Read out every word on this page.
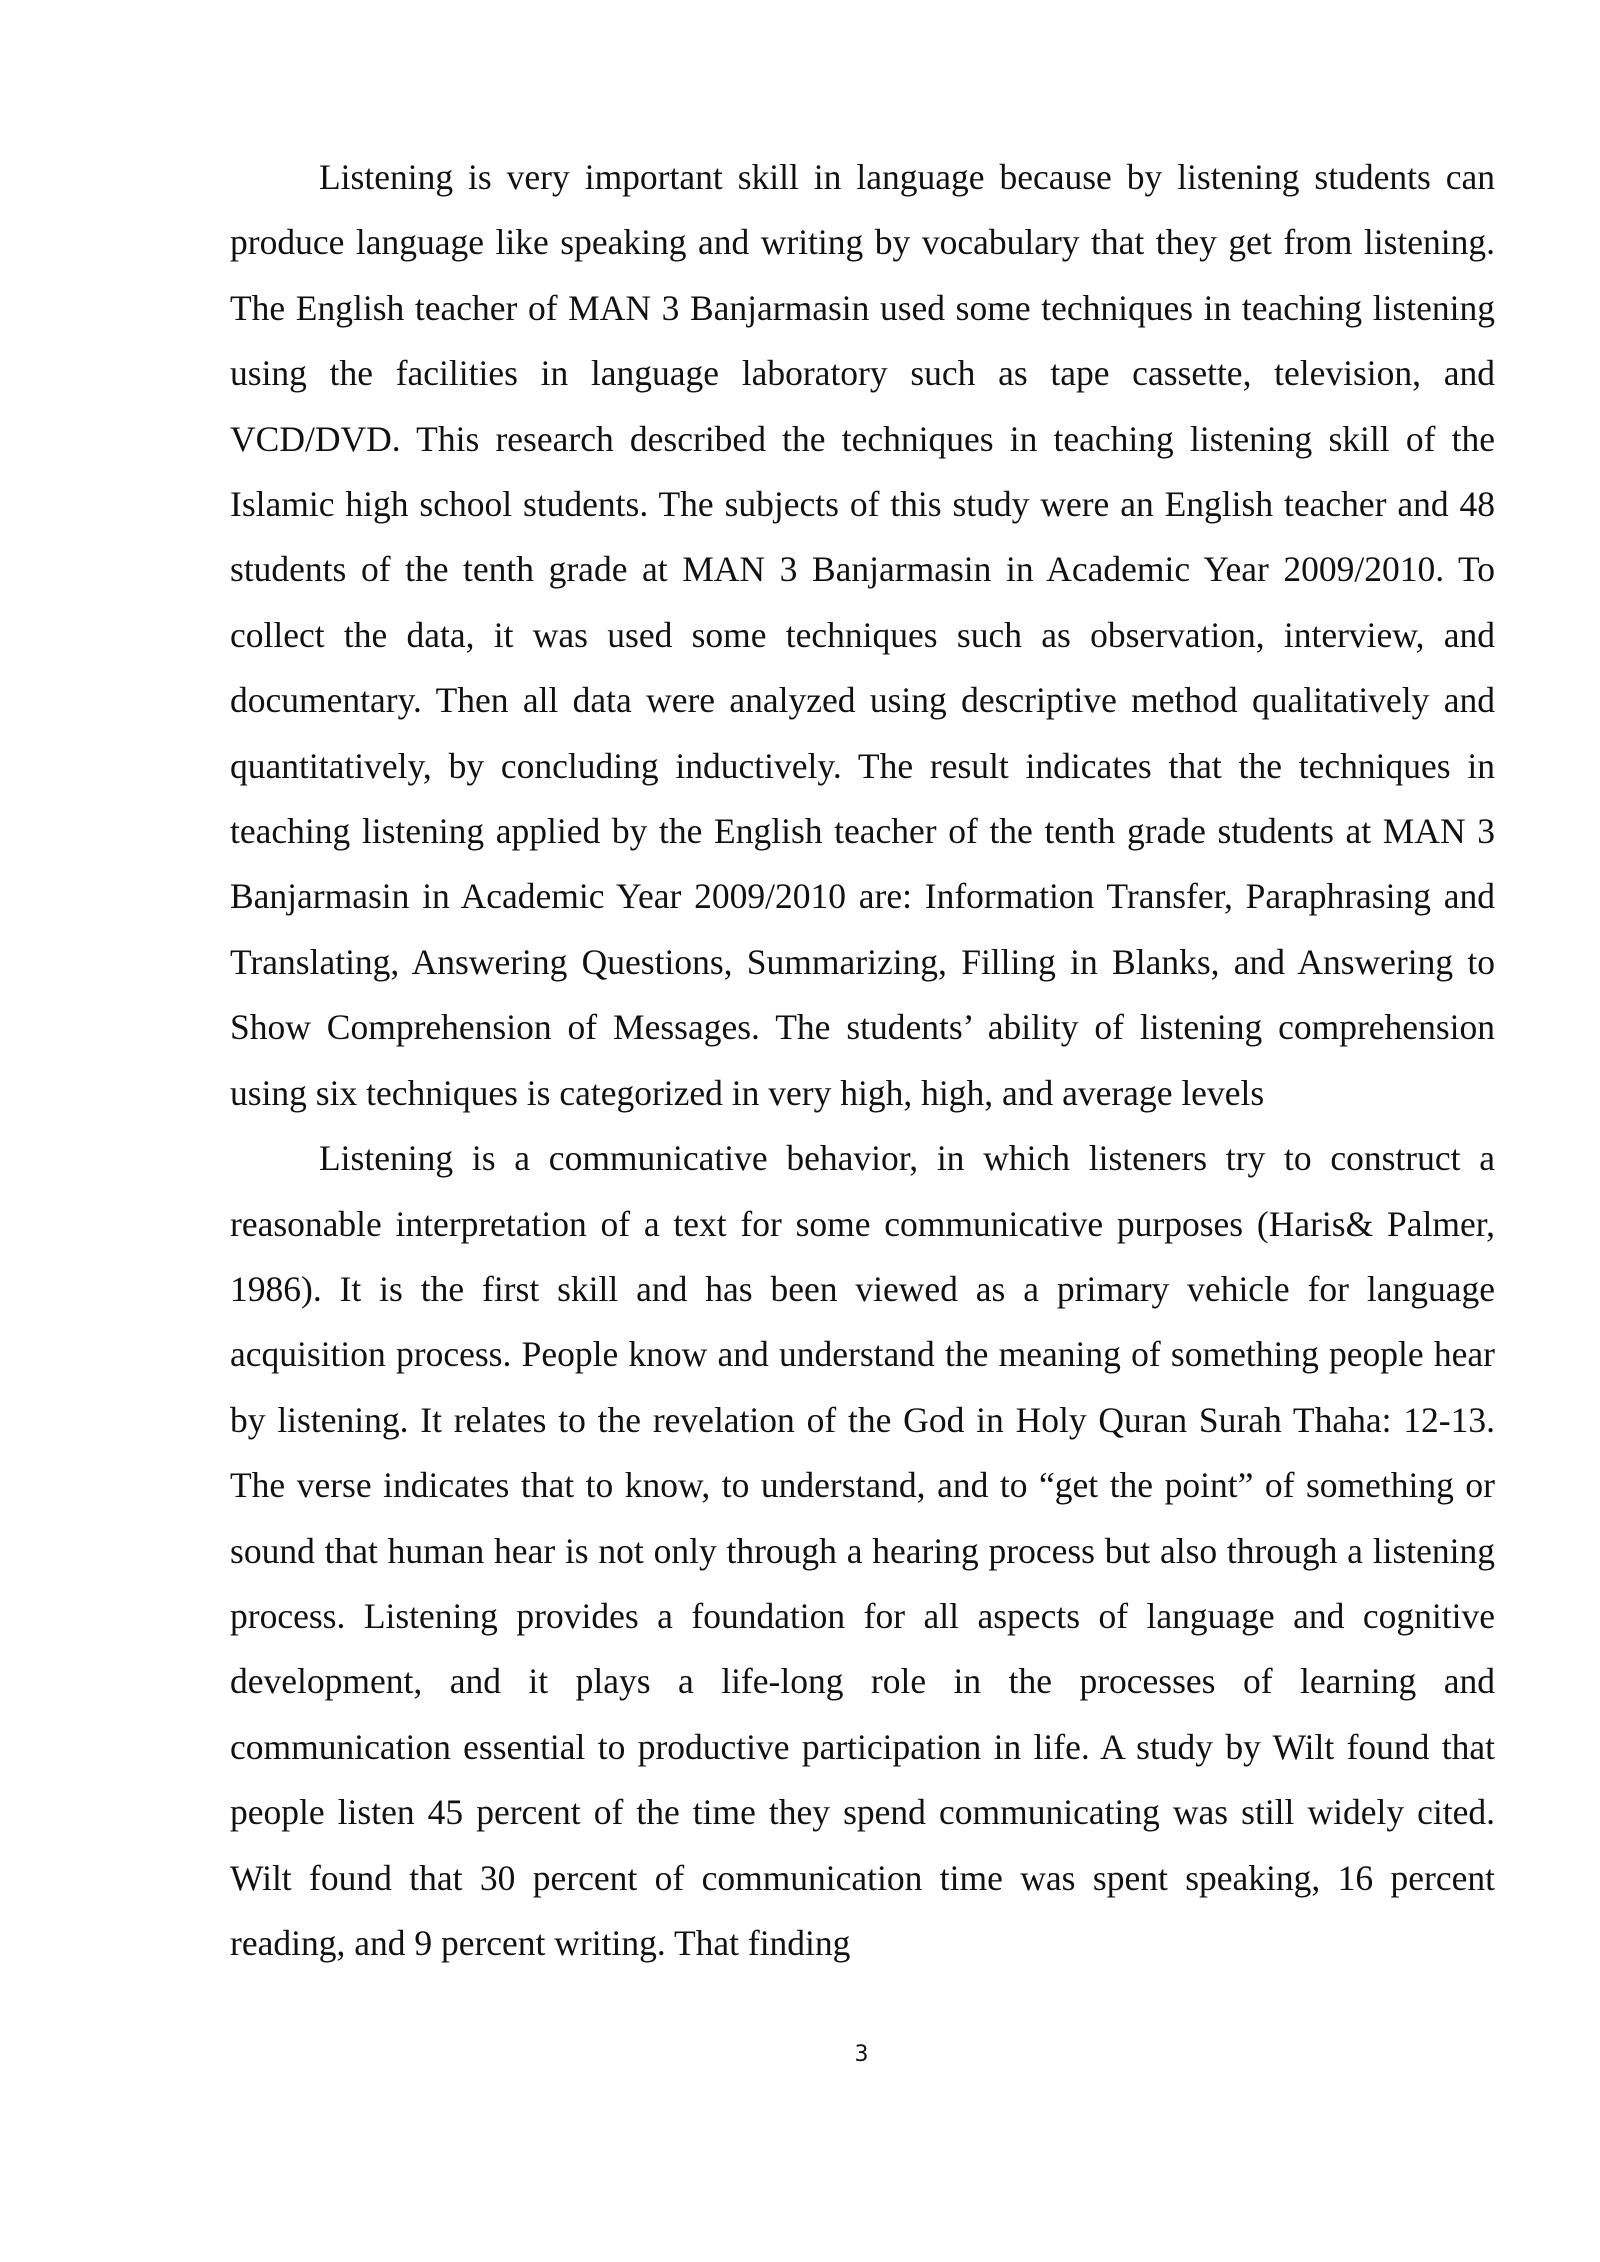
Listening is very important skill in language because by listening students can produce language like speaking and writing by vocabulary that they get from listening. The English teacher of MAN 3 Banjarmasin used some techniques in teaching listening using the facilities in language laboratory such as tape cassette, television, and VCD/DVD. This research described the techniques in teaching listening skill of the Islamic high school students. The subjects of this study were an English teacher and 48 students of the tenth grade at MAN 3 Banjarmasin in Academic Year 2009/2010. To collect the data, it was used some techniques such as observation, interview, and documentary. Then all data were analyzed using descriptive method qualitatively and quantitatively, by concluding inductively. The result indicates that the techniques in teaching listening applied by the English teacher of the tenth grade students at MAN 3 Banjarmasin in Academic Year 2009/2010 are: Information Transfer, Paraphrasing and Translating, Answering Questions, Summarizing, Filling in Blanks, and Answering to Show Comprehension of Messages. The students’ ability of listening comprehension using six techniques is categorized in very high, high, and average levels

Listening is a communicative behavior, in which listeners try to construct a reasonable interpretation of a text for some communicative purposes (Haris& Palmer, 1986). It is the first skill and has been viewed as a primary vehicle for language acquisition process. People know and understand the meaning of something people hear by listening. It relates to the revelation of the God in Holy Quran Surah Thaha: 12-13. The verse indicates that to know, to understand, and to “get the point” of something or sound that human hear is not only through a hearing process but also through a listening process. Listening provides a foundation for all aspects of language and cognitive development, and it plays a life-long role in the processes of learning and communication essential to productive participation in life. A study by Wilt found that people listen 45 percent of the time they spend communicating was still widely cited. Wilt found that 30 percent of communication time was spent speaking, 16 percent reading, and 9 percent writing. That finding

3
